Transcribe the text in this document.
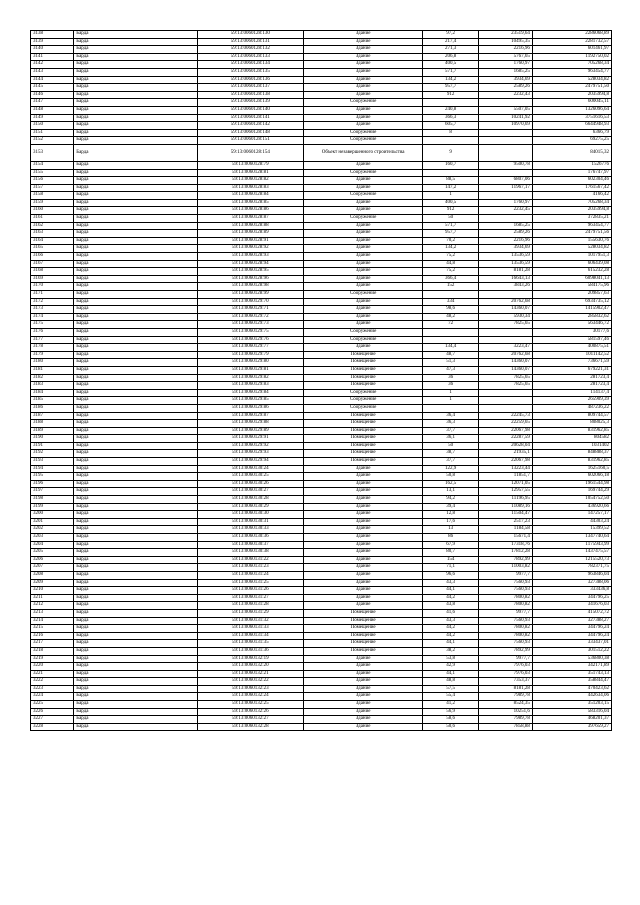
3138	Барда	59:13:0060128:130	Здание	97,2	23519,64	2286068,89
3139	Барда	59:13:0060128:131	Здание	217,4	10495,35	2281732,57
3140	Барда	59:13:0060128:132	Здание	271,3	2216,96	601461,97
3141	Барда	59:13:0060128:133	Здание	206,8	5767,65	1192750,02
3142	Барда	59:13:0060128:134	Здание	400,5	1760,97	705268,34
3143	Барда	59:13:0060128:135	Здание	571,7	1685,25	963454,77
3144	Барда	59:13:0060128:136	Здание	134,2	3934,69	528034,82
3145	Барда	59:13:0060128:137	Здание	957,7	2589,26	2479751,50
3146	Барда	59:13:0060128:138	Здание	912	2232,43	2035994,8
3147	Барда	59:13:0060128:139	Сооружение			600045,11
3148	Барда	59:13:0060128:140	Здание	240,8	5507,05	1326096,64
3149	Барда	59:13:0060128:141	Здание	366,3	10241,92	3751616,53
3150	Барда	59:13:0060128:142	Здание	605,7	10970,69	6644948,93
3151	Барда	59:13:0060128:148	Сооружение	8		6366,79
3152	Барда	59:13:0060128:151	Сооружение			69275,25
3153	Барда	59:13:0060128:154	Объект незавершенного строительства	9		84015,32
3154	Барда	59:13:0060128:79	Здание	160,7	9500,78	1526776
3155	Барда	59:13:0060128:81	Сооружение			176747,97
3156	Барда	59:13:0060128:82	Здание	88,5	6807,06	602304,46
3157	Барда	59:13:0060128:83	Здание	147,2	11967,17	1761567,42
3158	Барда	59:13:0060128:84	Сооружение	1		4166,42
3159	Барда	59:13:0060128:85	Здание	400,5	1760,97	705268,34
3160	Барда	59:13:0060128:86	Здание	912	2232,45	2035994,8
3161	Барда	59:13:0060128:87	Сооружение	50		372835,21
3162	Барда	59:13:0060128:88	Здание	571,7	1685,25	963454,77
3163	Барда	59:13:0060128:89	Здание	957,7	2589,26	2479751,56
3164	Барда	59:13:0060128:91	Здание	70,2	2216,96	155630,76
3165	Барда	59:13:0060128:92	Здание	134,2	3934,69	528034,82
3166	Барда	59:13:0060128:93	Здание	75,2	13536,59	1017951,3
3167	Барда	59:13:0060128:94	Здание	44,8	13536,59	606439,08
3168	Барда	59:13:0060128:95	Здание	75,2	8181,28	615232,28
3169	Барда	59:13:0060128:96	Здание	366,4	16643,13	6098041,13
3170	Барда	59:13:0060128:98	Здание	152	3843,26	584175,96
3171	Барда	59:13:0060128:99	Сооружение			209857,63
3172	Барда	59:13:0060129:70	Здание	334	20762,68	6934735,12
3173	Барда	59:13:0060129:71	Здание	98,6	14360,07	1415902,47
3174	Барда	59:13:0060129:72	Здание	48,2	5930,34	285832,62
3175	Барда	59:13:0060129:73	Здание	72	7825,65	563446,72
3176	Барда	59:13:0060129:75	Сооружение			30177,6
3177	Барда	59:13:0060129:76	Сооружение			581597,46
3178	Барда	59:13:0060129:77	Здание	134,4	3223,47	400875,51
3179	Барда	59:13:0060129:79	Помещение	48,7	20762,68	1011142,52
3180	Барда	59:13:0060129:80	Помещение	51,3	14360,07	736671,59
3181	Барда	59:13:0060129:81	Помещение	47,3	14360,07	679221,31
3182	Барда	59:13:0060129:82	Помещение	36	7825,65	281723,4
3183	Барда	59:13:0060129:83	Помещение	36	7825,65	281723,4
3184	Барда	59:13:0060129:84	Сооружение	1		114137,4
3185	Барда	59:13:0060129:85	Сооружение	1		265909,39
3186	Барда	59:13:0060129:86	Сооружение			487236,22
3187	Барда	59:13:0060129:87	Помещение	36,4	22245,73	809744,57
3188	Барда	59:13:0060129:88	Помещение	36,3	22259,65	808025,3
3189	Барда	59:13:0060129:89	Помещение	37,7	22067,98	831962,85
3190	Барда	59:13:0060129:91	Помещение	36,1	22287,59	804582
3191	Барда	59:13:0060129:92	Помещение	50	20628,04	1031402
3192	Барда	59:13:0060129:93	Помещение	38,7	21935,1	848888,37
3193	Барда	59:13:0060129:94	Помещение	37,7	22067,98	831962,85
3194	Барда	59:13:0060130:24	Здание	122,9	13223,44	1625160,5
3195	Барда	59:13:0060130:25	Здание	50,8	11851,7	602066,18
3196	Барда	59:13:0060130:26	Здание	162,5	12071,05	1961544,98
3197	Барда	59:13:0060130:27	Здание	13,1	12957,55	169744,29
3198	Барда	59:13:0060130:28	Здание	94,2	11196,95	1054752,50
3199	Барда	59:13:0060130:29	Здание	39,4	11089,16	436920,66
3200	Барда	59:13:0060130:30	Здание	12,8	11504,47	147257,17
3201	Барда	59:13:0060130:31	Здание	17,6	2517,23	44303,24
3202	Барда	59:13:0060130:33	Здание	13	1184,58	15399,52
3203	Барда	59:13:0060130:36	Здание	86	15671,4	1347740,64
3204	Барда	59:13:0060130:37	Здание	67,9	17318,76	1175943,99
3205	Барда	59:13:0060130:38	Здание	80,7	17812,28	1437475,57
3206	Барда	59:13:0060131:22	Здание	154	7892,99	1215520,73
3207	Барда	59:13:0060131:23	Здание	71,1	11003,82	782371,75
3208	Барда	59:13:0060131:24	Здание	96,6	9977,7	963846,04
3209	Барда	59:13:0060131:25	Здание	43,3	7560,93	327388,06
3210	Барда	59:13:0060131:26	Здание	44,1	7560,93	333436,8
3211	Барда	59:13:0060131:27	Здание	44,2	7800,82	344796,25
3212	Барда	59:13:0060131:28	Здание	43,8	7800,82	341676,03
3213	Барда	59:13:0060131:29	Помещение	41,6	9977,7	415072,72
3214	Барда	59:13:0060131:32	Помещение	43,3	7560,93	327388,27
3215	Барда	59:13:0060131:33	Помещение	44,2	7800,82	344796,24
3216	Барда	59:13:0060131:34	Помещение	44,2	7800,82	344796,24
3217	Барда	59:13:0060131:35	Помещение	44,1	7560,93	333437,01
3218	Барда	59:13:0060131:36	Помещение	38,2	7892,99	301512,22
3219	Барда	59:13:0060132:19	Здание	53,8	9977,7	536800,38
3220	Барда	59:13:0060132:20	Здание	42,9	7976,03	342171,89
3221	Барда	59:13:0060132:21	Здание	44,1	7976,03	351743,13
3222	Барда	59:13:0060132:22	Здание	48,8	7353,37	358844,47
3223	Барда	59:13:0060132:23	Здание	57,5	8181,28	470423,62
3224	Барда	59:13:0060132:24	Здание	55,4	7989,78	442634,06
3225	Барда	59:13:0060132:25	Здание	41,2	8524,35	351203,15
3226	Барда	59:13:0060132:26	Здание	56,9	10251,6	583316,04
3227	Барда	59:13:0060132:27	Здание	58,6	7989,78	468201,37
3228	Барда	59:13:0060132:28	Здание	50,6	7858,88	397659,27
